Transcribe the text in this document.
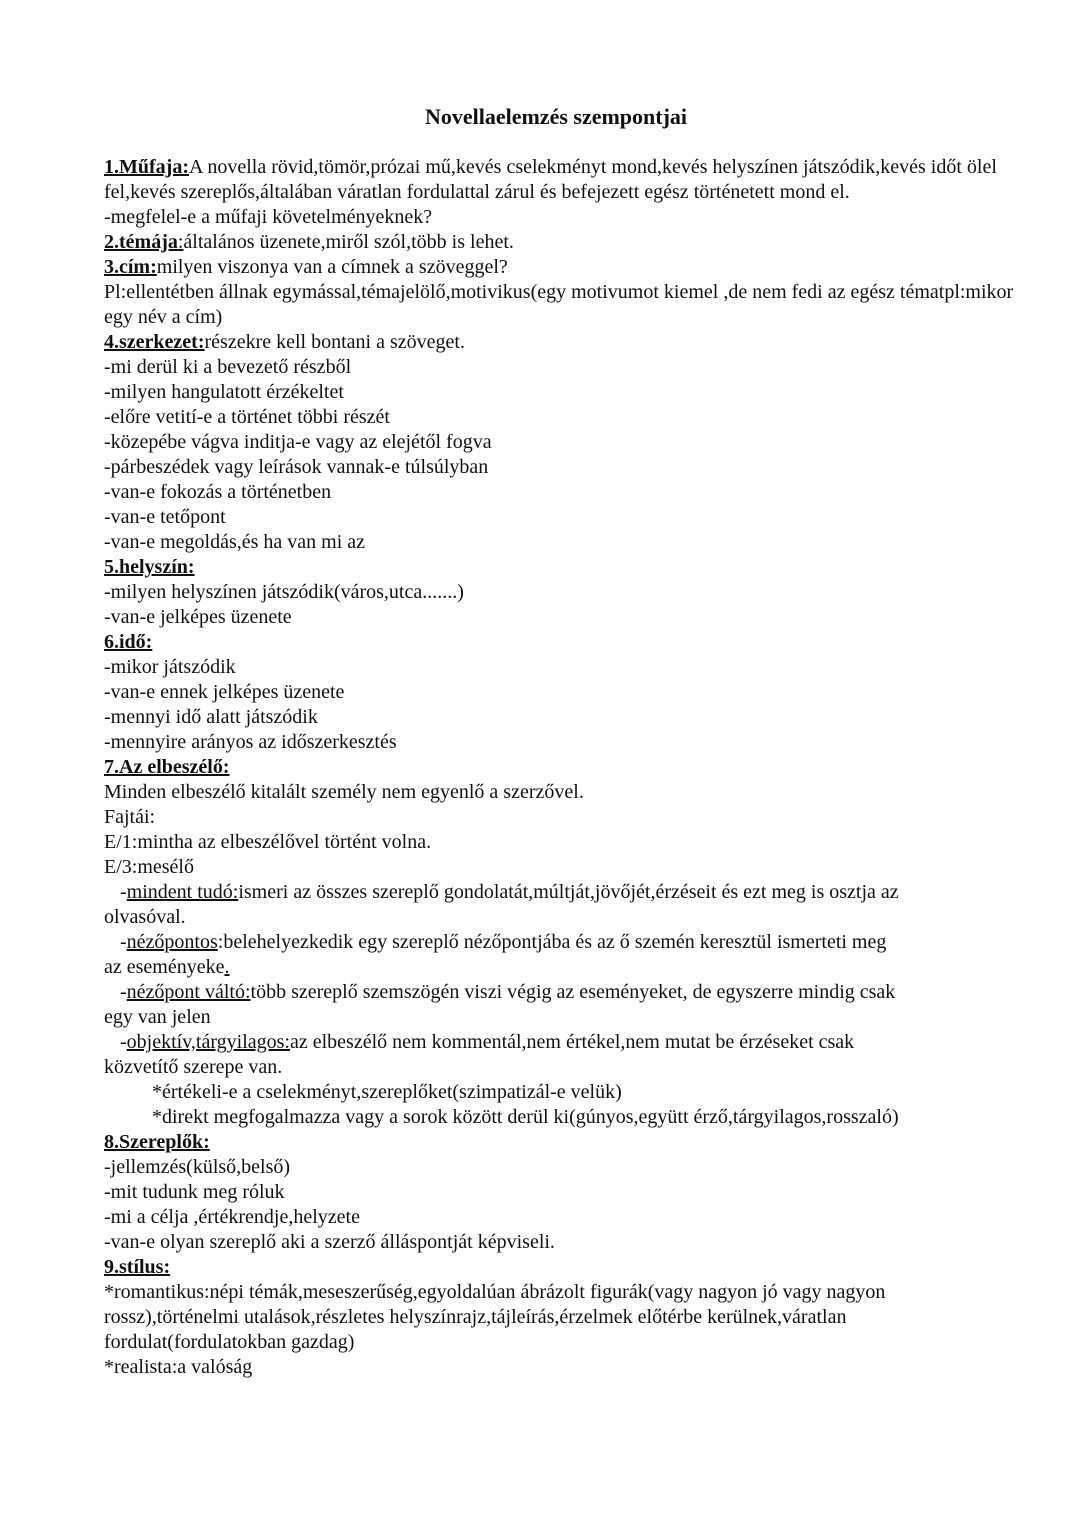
Novellaelemzés szempontjai

1.Műfaja:A novella rövid,tömör,prózai mű,kevés cselekményt mond,kevés helyszínen játszódik,kevés időt ölel fel,kevés szereplős,általában váratlan fordulattal zárul és befejezett egész történetett mond el.

-megfelel-e a műfaji követelményeknek?

2.témája:általános üzenete,miről szól,több is lehet.

3.cím:milyen viszonya van a címnek a szöveggel?

Pl:ellentétben állnak egymással,témajelölő,motivikus(egy motivumot kiemel ,de nem fedi az egész tématpl:mikor egy név a cím)

4.szerkezet:részekre kell bontani a szöveget.

-mi derül ki a bevezető részből

-milyen hangulatott érzékeltet

-előre vetití-e a történet többi részét

-közepébe vágva inditja-e vagy az elejétől fogva

-párbeszédek vagy leírások vannak-e túlsúlyban

-van-e fokozás a történetben

-van-e tetőpont

-van-e megoldás,és ha van mi az

5.helyszín:

-milyen helyszínen játszódik(város,utca.......)

-van-e jelképes üzenete

6.idő:

-mikor játszódik

-van-e ennek jelképes üzenete

-mennyi idő alatt játszódik

-mennyire arányos az időszerkesztés

7.Az elbeszélő:

Minden elbeszélő kitalált személy nem egyenlő a szerzővel.

Fajtái:

E/1:mintha az elbeszélővel történt volna.

E/3:mesélő

-mindent tudó:ismeri az összes szereplő gondolatát,múltját,jövőjét,érzéseit és ezt meg is osztja az

olvasóval.

-nézőpontos:belehelyezkedik egy szereplő nézőpontjába és az ő szemén keresztül ismerteti meg

az eseményeke.

-nézőpont váltó:több szereplő szemszögén viszi végig az eseményeket, de egyszerre mindig csak

egy van jelen

-objektív,tárgyilagos:az elbeszélő nem kommentál,nem értékel,nem mutat be érzéseket csak

közvetítő szerepe van.

*értékeli-e a cselekményt,szereplőket(szimpatizál-e velük)

*direkt megfogalmazza vagy a sorok között derül ki(gúnyos,együtt érző,tárgyilagos,rosszaló)

8.Szereplők:

-jellemzés(külső,belső)

-mit tudunk meg róluk

-mi a célja ,értékrendje,helyzete

-van-e olyan szereplő aki a szerző álláspontját képviseli.

9.stílus:

*romantikus:népi témák,meseszerűség,egyoldalúan ábrázolt figurák(vagy nagyon jó vagy nagyon

rossz),történelmi utalások,részletes helyszínrajz,tájleírás,érzelmek előtérbe kerülnek,váratlan

fordulat(fordulatokban gazdag)

*realista:a valóság
